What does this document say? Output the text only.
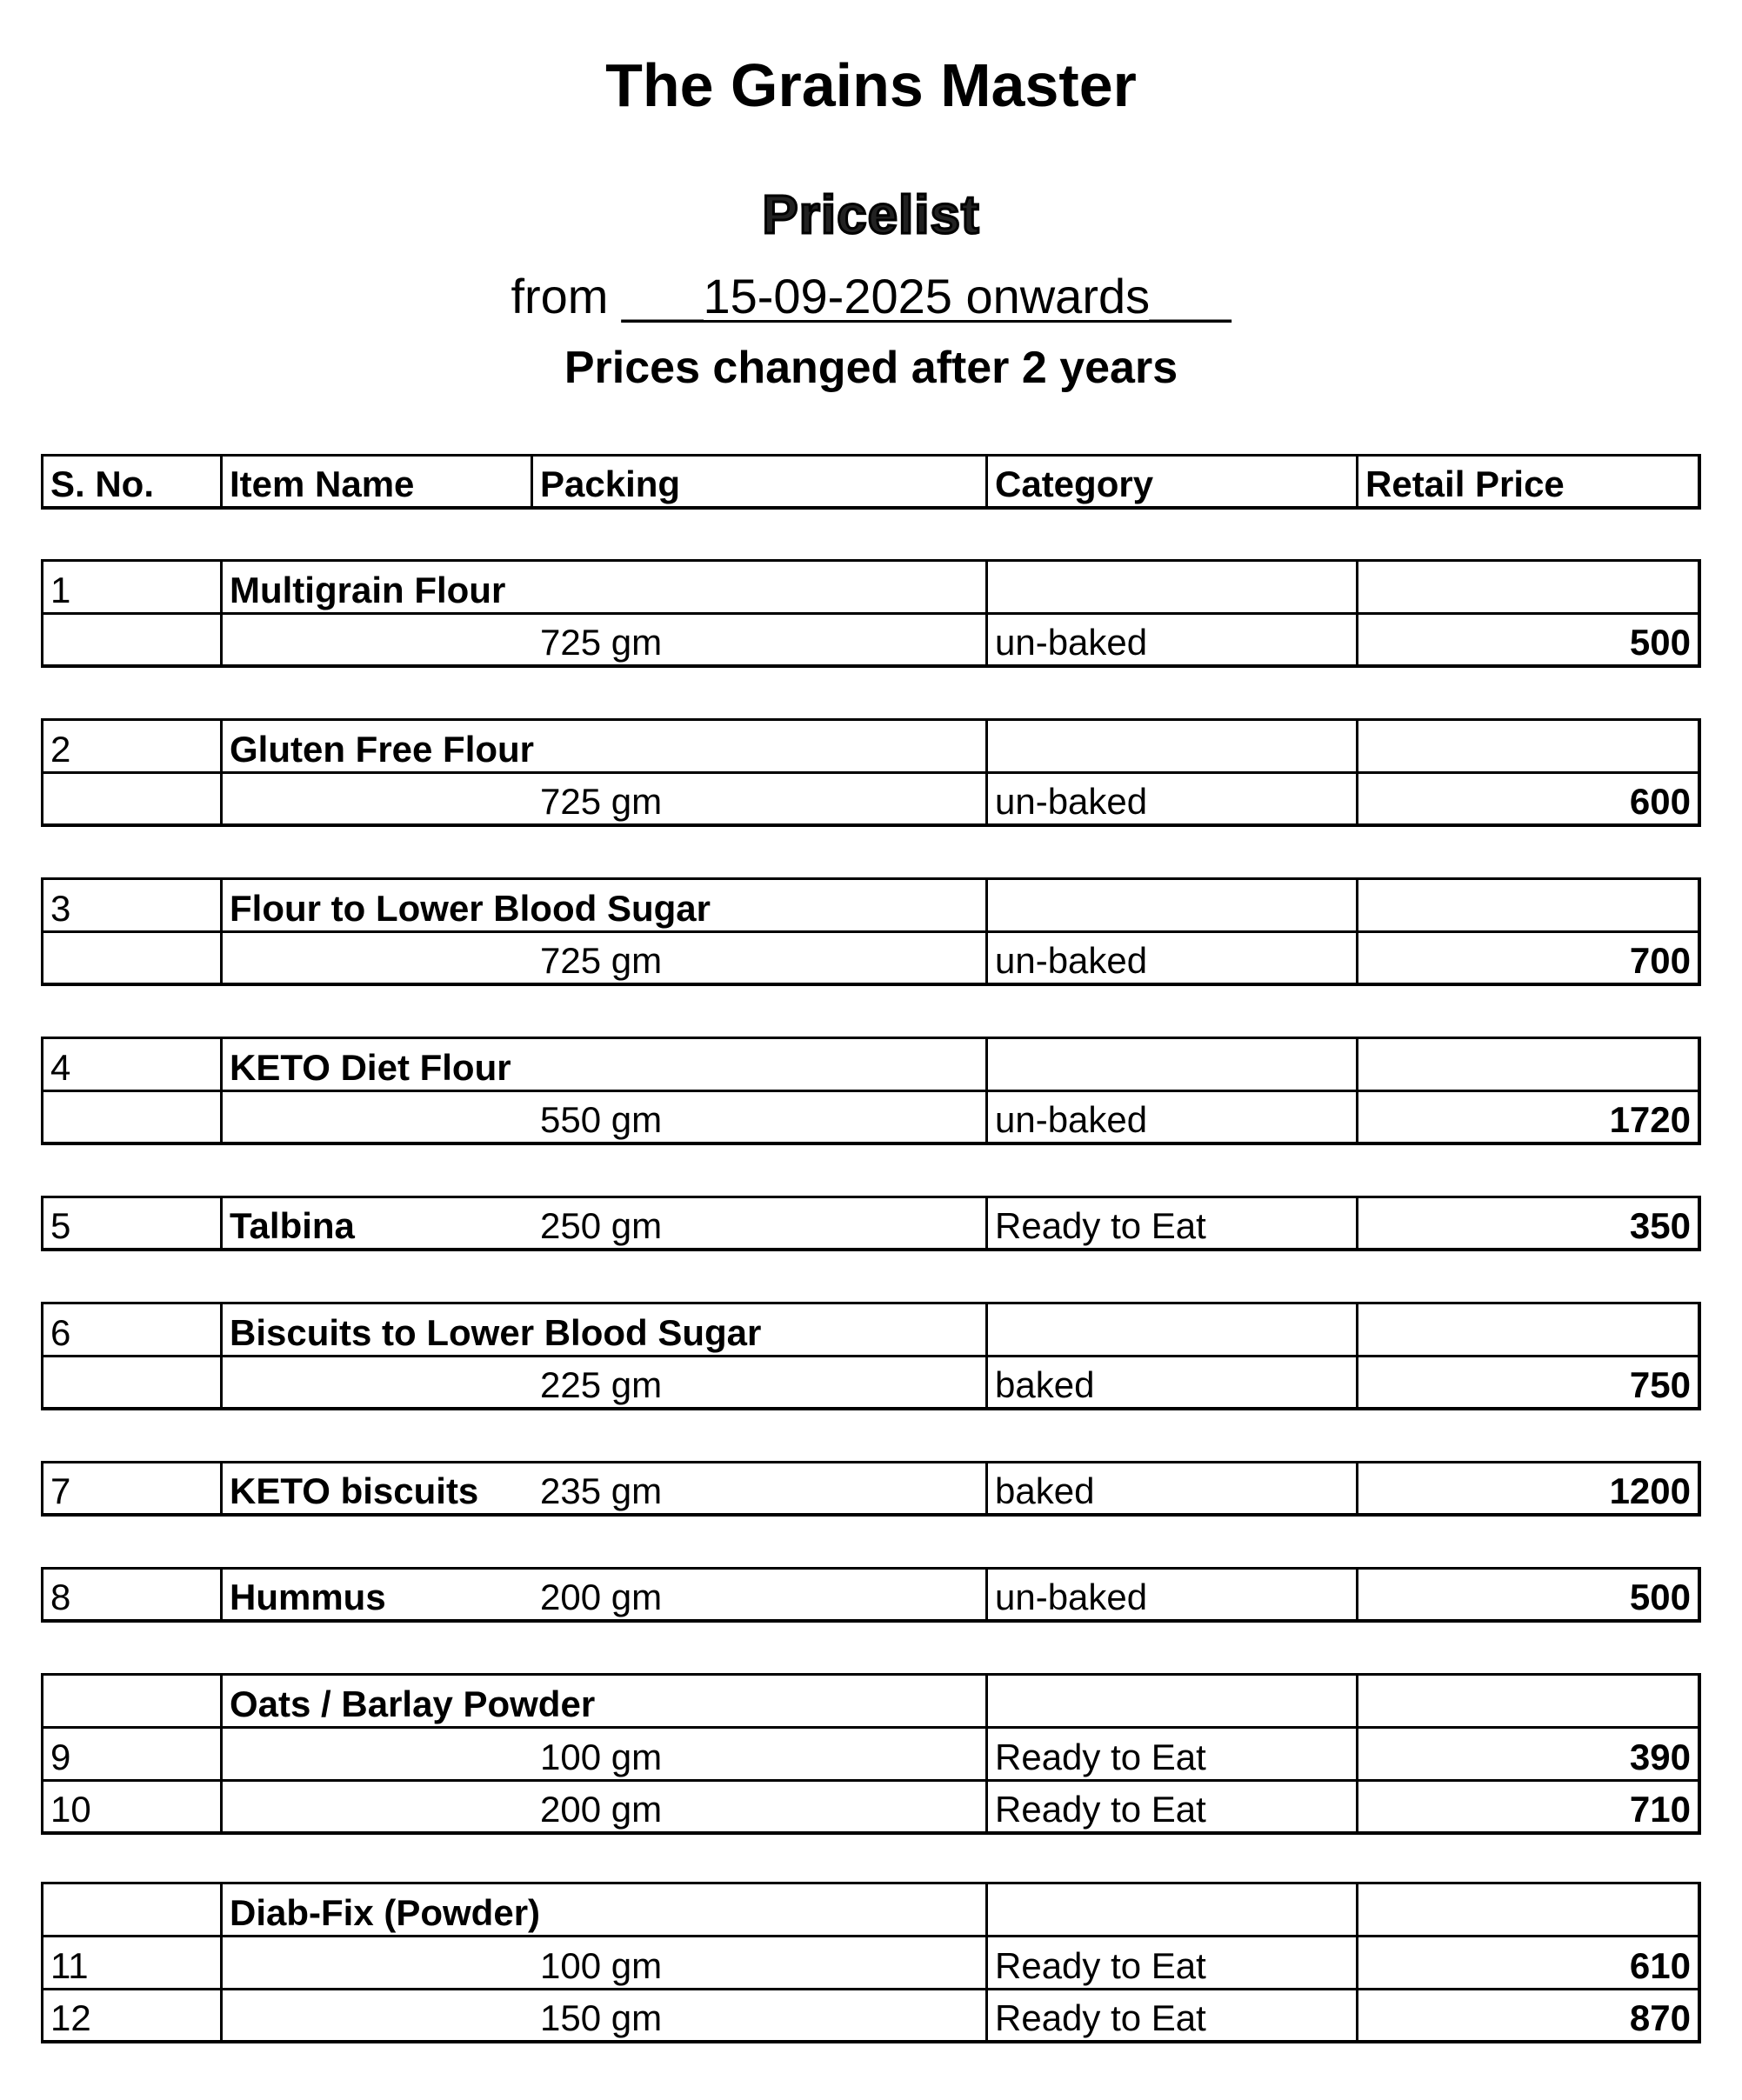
The Grains Master
Pricelist
from ___15-09-2025 onwards___
Prices changed after 2 years
S. No.	Item Name	Packing	Category	Retail Price
1	Multigrain Flour
725 gm	un-baked	500
2	Gluten Free Flour
725 gm	un-baked	600
3	Flour to Lower Blood Sugar
725 gm	un-baked	700
4	KETO Diet Flour
550 gm	un-baked	1720
5	Talbina	250 gm	Ready to Eat	350
6	Biscuits to Lower Blood Sugar
225 gm	baked	750
7	KETO biscuits 235 gm	baked	1200
8	Hummus	200 gm	un-baked	500
Oats / Barlay Powder
9	100 gm	Ready to Eat	390
10	200 gm	Ready to Eat	710
Diab-Fix (Powder)
11	100 gm	Ready to Eat	610
12	150 gm	Ready to Eat	870
